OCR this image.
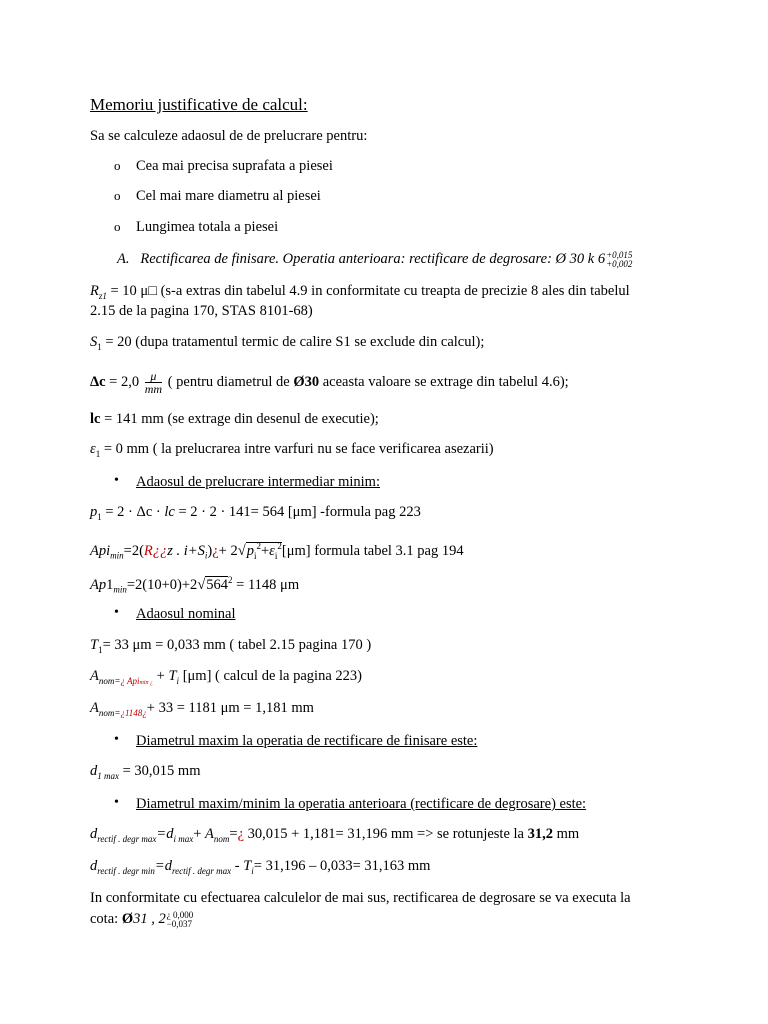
Memoriu justificative de calcul:
Sa se calculeze adaosul de de prelucrare pentru:
o Cea mai precisa suprafata a piesei
o Cel mai mare diametru al piesei
o Lungimea totala a piesei
A. Rectificarea de finisare. Operatia anterioara: rectificare de degrosare: Ø 30 k 6 +0,015
+0,002
$R_{z1} = 10$ μ□ (s-a extras din tabelul 4.9 in conformitate cu treapta de precizie 8 ales din tabelul
2.15 de la pagina 170, STAS 8101-68)
$S_1 = 20$ (dupa tratamentul termic de calire S1 se exclude din calcul);
$\Delta c = 2,0 \frac{\mu}{mm}$ ( pentru diametrul de Ø30 aceasta valoare se extrage din tabelul 4.6);
lc = 141 mm (se extrage din desenul de executie);
$\varepsilon_1 = 0$ mm ( la prelucrarea intre varfuri nu se face verificarea asezarii)
• Adaosul de prelucrare intermediar minim:
$p_1 = 2 \cdot \Delta c$ · lc = 2 · 2 · 141= 564 [μm] -formula pag 223
Api$_{min}$=2(R¿¿z . $i+S_i)¿+ 2√p_i^2+\varepsilon_i^2[\mu m]$ formula tabel 3.1 pag 194
$Ap1_{min}=2(10+0)+2√564^2 = 1148$ μm
• Adaosul nominal
$T_1= 33$ μm = 0,033 mm ( tabel 2.15 pagina 170 )
$A_{nom=¿ Apimin ¿} + T_i$ [μm] ( calcul de la pagina 223)
$A_{nom=¿1148¿}+ 33 = 1181$ μm = 1,181 mm
• Diametrul maxim la operatia de rectificare de finisare este:
$d_{1 max} = 30,015$ mm
• Diametrul maxim/minim la operatia anterioara (rectificare de degrosare) este:
$d_{rectif . degr max}=d_{i max}+$ $A_{nom}=¿$ 30,015 + 1,181= 31,196 mm => se rotunjeste la 31,2 mm
$d_{rectif . degr min}=d_{rectif . degr max} - T_i= 31,196 - 0,033= 31,163$ mm
In conformitate cu efectuarea calculelor de mai sus, rectificarea de degrosare se va executa la
cota: Ø31 , 2 ¿ 0,000
−0,037
